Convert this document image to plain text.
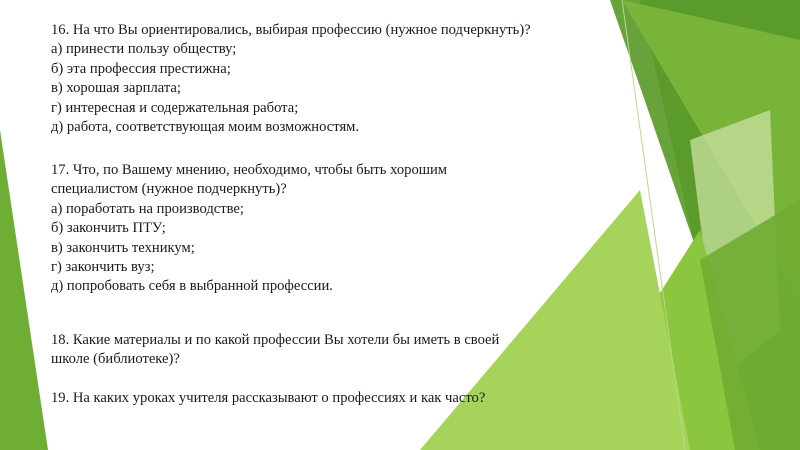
16. На что Вы ориентировались, выбирая профессию (нужное подчеркнуть)?
а) принести пользу обществу;
б) эта профессия престижна;
в) хорошая зарплата;
г) интересная и содержательная работа;
д) работа, соответствующая моим возможностям.
17. Что, по Вашему мнению, необходимо, чтобы быть хорошим
специалистом (нужное подчеркнуть)?
а) поработать на производстве;
б) закончить ПТУ;
в) закончить техникум;
г) закончить вуз;
д) попробовать себя в выбранной профессии.
18. Какие материалы и по какой профессии Вы хотели бы иметь в своей
школе (библиотеке)?
19. На каких уроках учителя рассказывают о профессиях и как часто?
